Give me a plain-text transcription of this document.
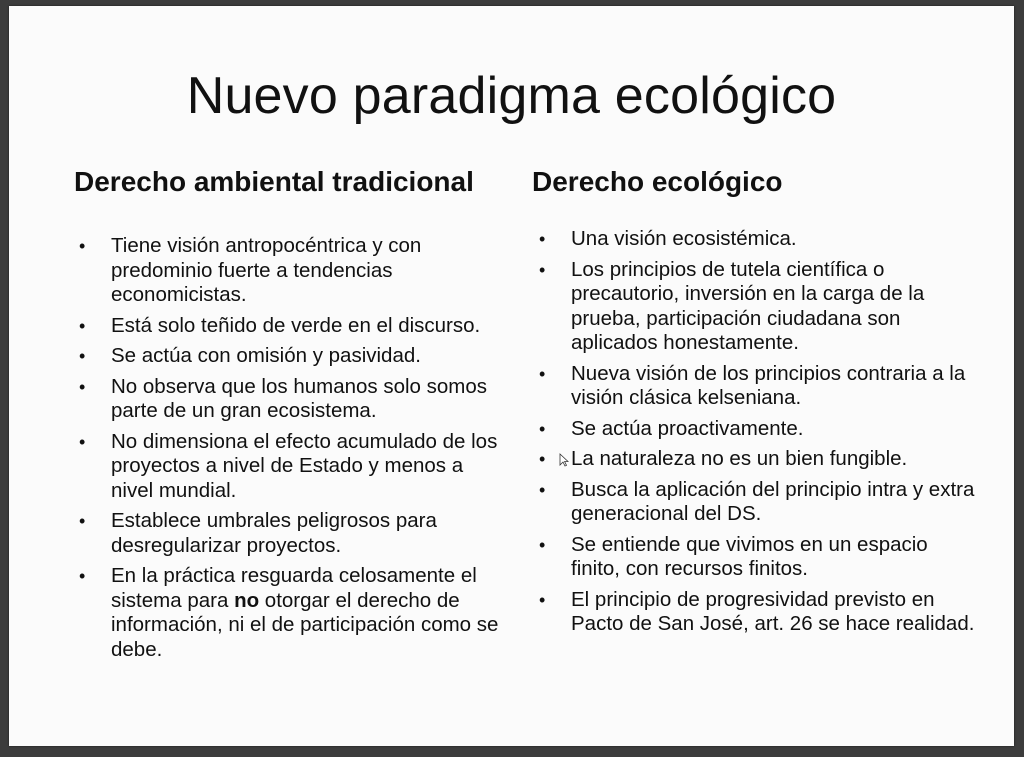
Nuevo paradigma ecológico
Derecho ambiental tradicional Derecho ecológico
• Tiene visión antropocéntrica y con predominio fuerte a tendencias economicistas.
• Está solo teñido de verde en el discurso.
• Se actúa con omisión y pasividad.
• No observa que los humanos solo somos parte de un gran ecosistema.
• No dimensiona el efecto acumulado de los proyectos a nivel de Estado y menos a nivel mundial.
• Establece umbrales peligrosos para desregularizar proyectos.
• En la práctica resguarda celosamente el sistema para no otorgar el derecho de información, ni el de participación como se debe.
• Una visión ecosistémica.
• Los principios de tutela científica o precautorio, inversión en la carga de la prueba, participación ciudadana son aplicados honestamente.
• Nueva visión de los principios contraria a la visión clásica kelseniana.
• Se actúa proactivamente.
• La naturaleza no es un bien fungible.
• Busca la aplicación del principio intra y extra generacional del DS.
• Se entiende que vivimos en un espacio finito, con recursos finitos.
• El principio de progresividad previsto en Pacto de San José, art. 26 se hace realidad.
